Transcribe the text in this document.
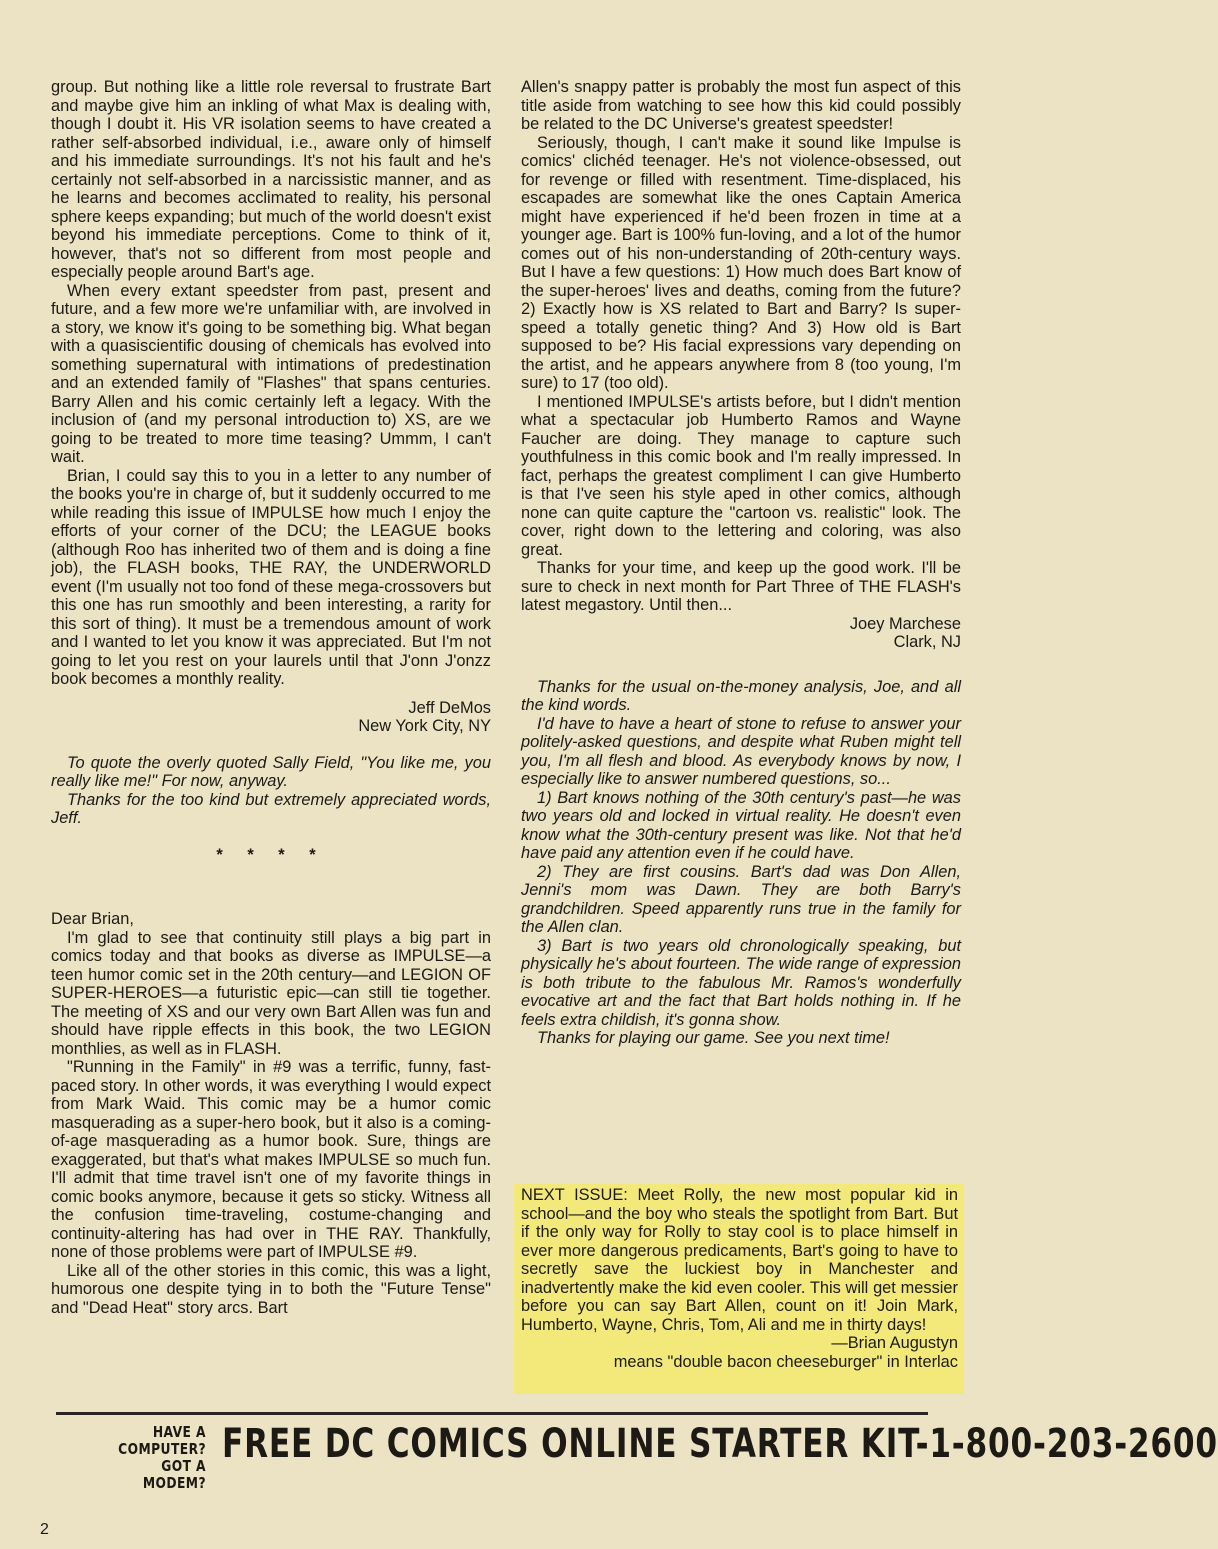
group. But nothing like a little role reversal to frustrate Bart and maybe give him an inkling of what Max is dealing with, though I doubt it. His VR isolation seems to have created a rather self-absorbed individual, i.e., aware only of himself and his immediate surroundings. It's not his fault and he's certainly not self-absorbed in a narcissistic manner, and as he learns and becomes acclimated to reality, his personal sphere keeps expanding; but much of the world doesn't exist beyond his immediate perceptions. Come to think of it, however, that's not so different from most people and especially people around Bart's age.

When every extant speedster from past, present and future, and a few more we're unfamiliar with, are involved in a story, we know it's going to be something big. What began with a quasiscientific dousing of chemicals has evolved into something supernatural with intimations of predestination and an extended family of "Flashes" that spans centuries. Barry Allen and his comic certainly left a legacy. With the inclusion of (and my personal introduction to) XS, are we going to be treated to more time teasing? Ummm, I can't wait.

Brian, I could say this to you in a letter to any number of the books you're in charge of, but it suddenly occurred to me while reading this issue of IMPULSE how much I enjoy the efforts of your corner of the DCU; the LEAGUE books (although Roo has inherited two of them and is doing a fine job), the FLASH books, THE RAY, the UNDERWORLD event (I'm usually not too fond of these mega-crossovers but this one has run smoothly and been interesting, a rarity for this sort of thing). It must be a tremendous amount of work and I wanted to let you know it was appreciated. But I'm not going to let you rest on your laurels until that J'onn J'onzz book becomes a monthly reality.

Jeff DeMos

New York City, NY

To quote the overly quoted Sally Field, "You like me, you really like me!" For now, anyway.

Thanks for the too kind but extremely appreciated words, Jeff.

* * * *

Dear Brian,

I'm glad to see that continuity still plays a big part in comics today and that books as diverse as IMPULSE—a teen humor comic set in the 20th century—and LEGION OF SUPER-HEROES—a futuristic epic—can still tie together. The meeting of XS and our very own Bart Allen was fun and should have ripple effects in this book, the two LEGION monthlies, as well as in FLASH.

"Running in the Family" in #9 was a terrific, funny, fast-paced story. In other words, it was everything I would expect from Mark Waid. This comic may be a humor comic masquerading as a super-hero book, but it also is a coming-of-age masquerading as a humor book. Sure, things are exaggerated, but that's what makes IMPULSE so much fun. I'll admit that time travel isn't one of my favorite things in comic books anymore, because it gets so sticky. Witness all the confusion time-traveling, costume-changing and continuity-altering has had over in THE RAY. Thankfully, none of those problems were part of IMPULSE #9.

Like all of the other stories in this comic, this was a light, humorous one despite tying in to both the "Future Tense" and "Dead Heat" story arcs. Bart

Allen's snappy patter is probably the most fun aspect of this title aside from watching to see how this kid could possibly be related to the DC Universe's greatest speedster!

Seriously, though, I can't make it sound like Impulse is comics' clichéd teenager. He's not violence-obsessed, out for revenge or filled with resentment. Time-displaced, his escapades are somewhat like the ones Captain America might have experienced if he'd been frozen in time at a younger age. Bart is 100% fun-loving, and a lot of the humor comes out of his non-understanding of 20th-century ways. But I have a few questions: 1) How much does Bart know of the super-heroes' lives and deaths, coming from the future? 2) Exactly how is XS related to Bart and Barry? Is super-speed a totally genetic thing? And 3) How old is Bart supposed to be? His facial expressions vary depending on the artist, and he appears anywhere from 8 (too young, I'm sure) to 17 (too old).

I mentioned IMPULSE's artists before, but I didn't mention what a spectacular job Humberto Ramos and Wayne Faucher are doing. They manage to capture such youthfulness in this comic book and I'm really impressed. In fact, perhaps the greatest compliment I can give Humberto is that I've seen his style aped in other comics, although none can quite capture the "cartoon vs. realistic" look. The cover, right down to the lettering and coloring, was also great.

Thanks for your time, and keep up the good work. I'll be sure to check in next month for Part Three of THE FLASH's latest megastory. Until then...

Joey Marchese

Clark, NJ

Thanks for the usual on-the-money analysis, Joe, and all the kind words.

I'd have to have a heart of stone to refuse to answer your politely-asked questions, and despite what Ruben might tell you, I'm all flesh and blood. As everybody knows by now, I especially like to answer numbered questions, so...

1) Bart knows nothing of the 30th century's past—he was two years old and locked in virtual reality. He doesn't even know what the 30th-century present was like. Not that he'd have paid any attention even if he could have.

2) They are first cousins. Bart's dad was Don Allen, Jenni's mom was Dawn. They are both Barry's grandchildren. Speed apparently runs true in the family for the Allen clan.

3) Bart is two years old chronologically speaking, but physically he's about fourteen. The wide range of expression is both tribute to the fabulous Mr. Ramos's wonderfully evocative art and the fact that Bart holds nothing in. If he feels extra childish, it's gonna show.

Thanks for playing our game. See you next time!

NEXT ISSUE: Meet Rolly, the new most popular kid in school—and the boy who steals the spotlight from Bart. But if the only way for Rolly to stay cool is to place himself in ever more dangerous predicaments, Bart's going to have to secretly save the luckiest boy in Manchester and inadvertently make the kid even cooler. This will get messier before you can say Bart Allen, count on it! Join Mark, Humberto, Wayne, Chris, Tom, Ali and me in thirty days!

—Brian Augustyn

means "double bacon cheeseburger" in Interlac

HAVE A COMPUTER?
GOT A MODEM?
FREE DC COMICS ONLINE STARTER KIT-1-800-203-2600
2
